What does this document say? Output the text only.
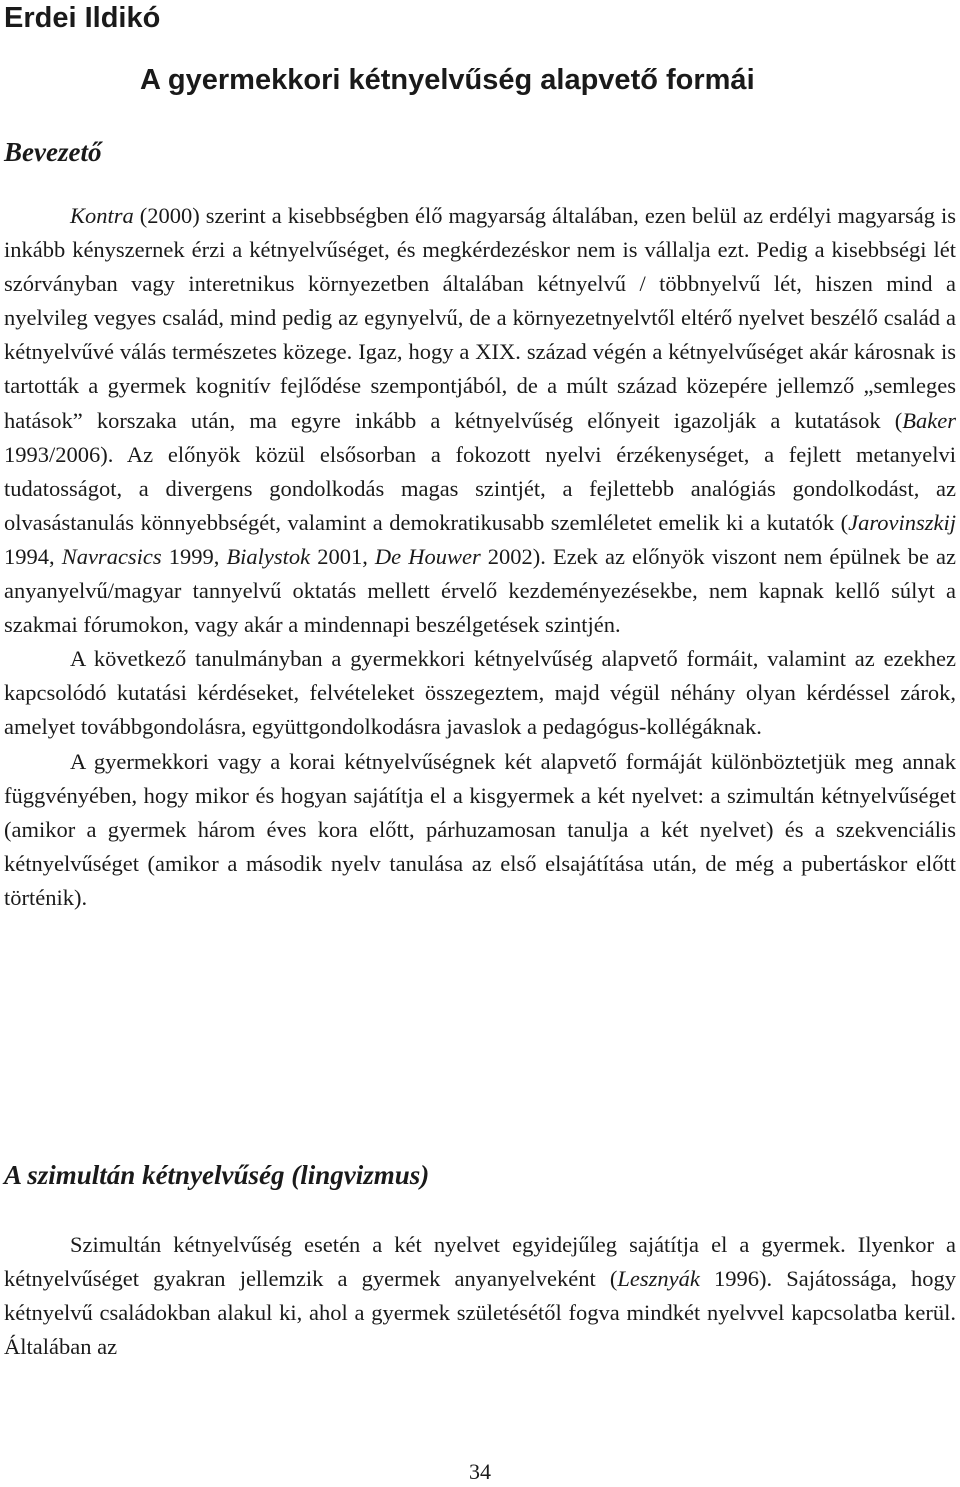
Erdei Ildikó
A gyermekkori kétnyelvűség alapvető formái
Bevezető

Kontra (2000) szerint a kisebbségben élő magyarság általában, ezen belül az erdélyi magyarság is inkább kényszernek érzi a kétnyelvűséget, és megkérdezéskor nem is vállalja ezt. Pedig a kisebbségi lét szórványban vagy interetnikus környezetben általában kétnyelvű / többnyelvű lét, hiszen mind a nyelvileg vegyes család, mind pedig az egynyelvű, de a környezetnyelvtől eltérő nyelvet beszélő család a kétnyelvűvé válás természetes közege. Igaz, hogy a XIX. század végén a kétnyelvűséget akár károsnak is tartották a gyermek kognitív fejlődése szempontjából, de a múlt század közepére jellemző „semleges hatások” korszaka után, ma egyre inkább a kétnyelvűség előnyeit igazolják a kutatások (Baker 1993/2006). Az előnyök közül elsősorban a fokozott nyelvi érzékenységet, a fejlett metanyelvi tudatosságot, a divergens gondolkodás magas szintjét, a fejlettebb analógiás gondolkodást, az olvasástanulás könnyebbségét, valamint a demokratikusabb szemléletet emelik ki a kutatók (Jarovinszkij 1994, Navracsics 1999, Bialystok 2001, De Houwer 2002). Ezek az előnyök viszont nem épülnek be az anyanyelvű/magyar tannyelvű oktatás mellett érvelő kezdeményezésekbe, nem kapnak kellő súlyt a szakmai fórumokon, vagy akár a mindennapi beszélgetések szintjén.

A következő tanulmányban a gyermekkori kétnyelvűség alapvető formáit, valamint az ezekhez kapcsolódó kutatási kérdéseket, felvételeket összegeztem, majd végül néhány olyan kérdéssel zárok, amelyet továbbgondolásra, együttgondolkodásra javaslok a pedagógus-kollégáknak.

A gyermekkori vagy a korai kétnyelvűségnek két alapvető formáját különböztetjük meg annak függvényében, hogy mikor és hogyan sajátítja el a kisgyermek a két nyelvet: a szimultán kétnyelvűséget (amikor a gyermek három éves kora előtt, párhuzamosan tanulja a két nyelvet) és a szekvenciális kétnyelvűséget (amikor a második nyelv tanulása az első elsajátítása után, de még a pubertáskor előtt történik).

A szimultán kétnyelvűség (lingvizmus)

Szimultán kétnyelvűség esetén a két nyelvet egyidejűleg sajátítja el a gyermek. Ilyenkor a kétnyelvűséget gyakran jellemzik a gyermek anyanyelveként (Lesznyák 1996). Sajátossága, hogy kétnyelvű családokban alakul ki, ahol a gyermek születésétől fogva mindkét nyelvvel kapcsolatba kerül. Általában az

34
